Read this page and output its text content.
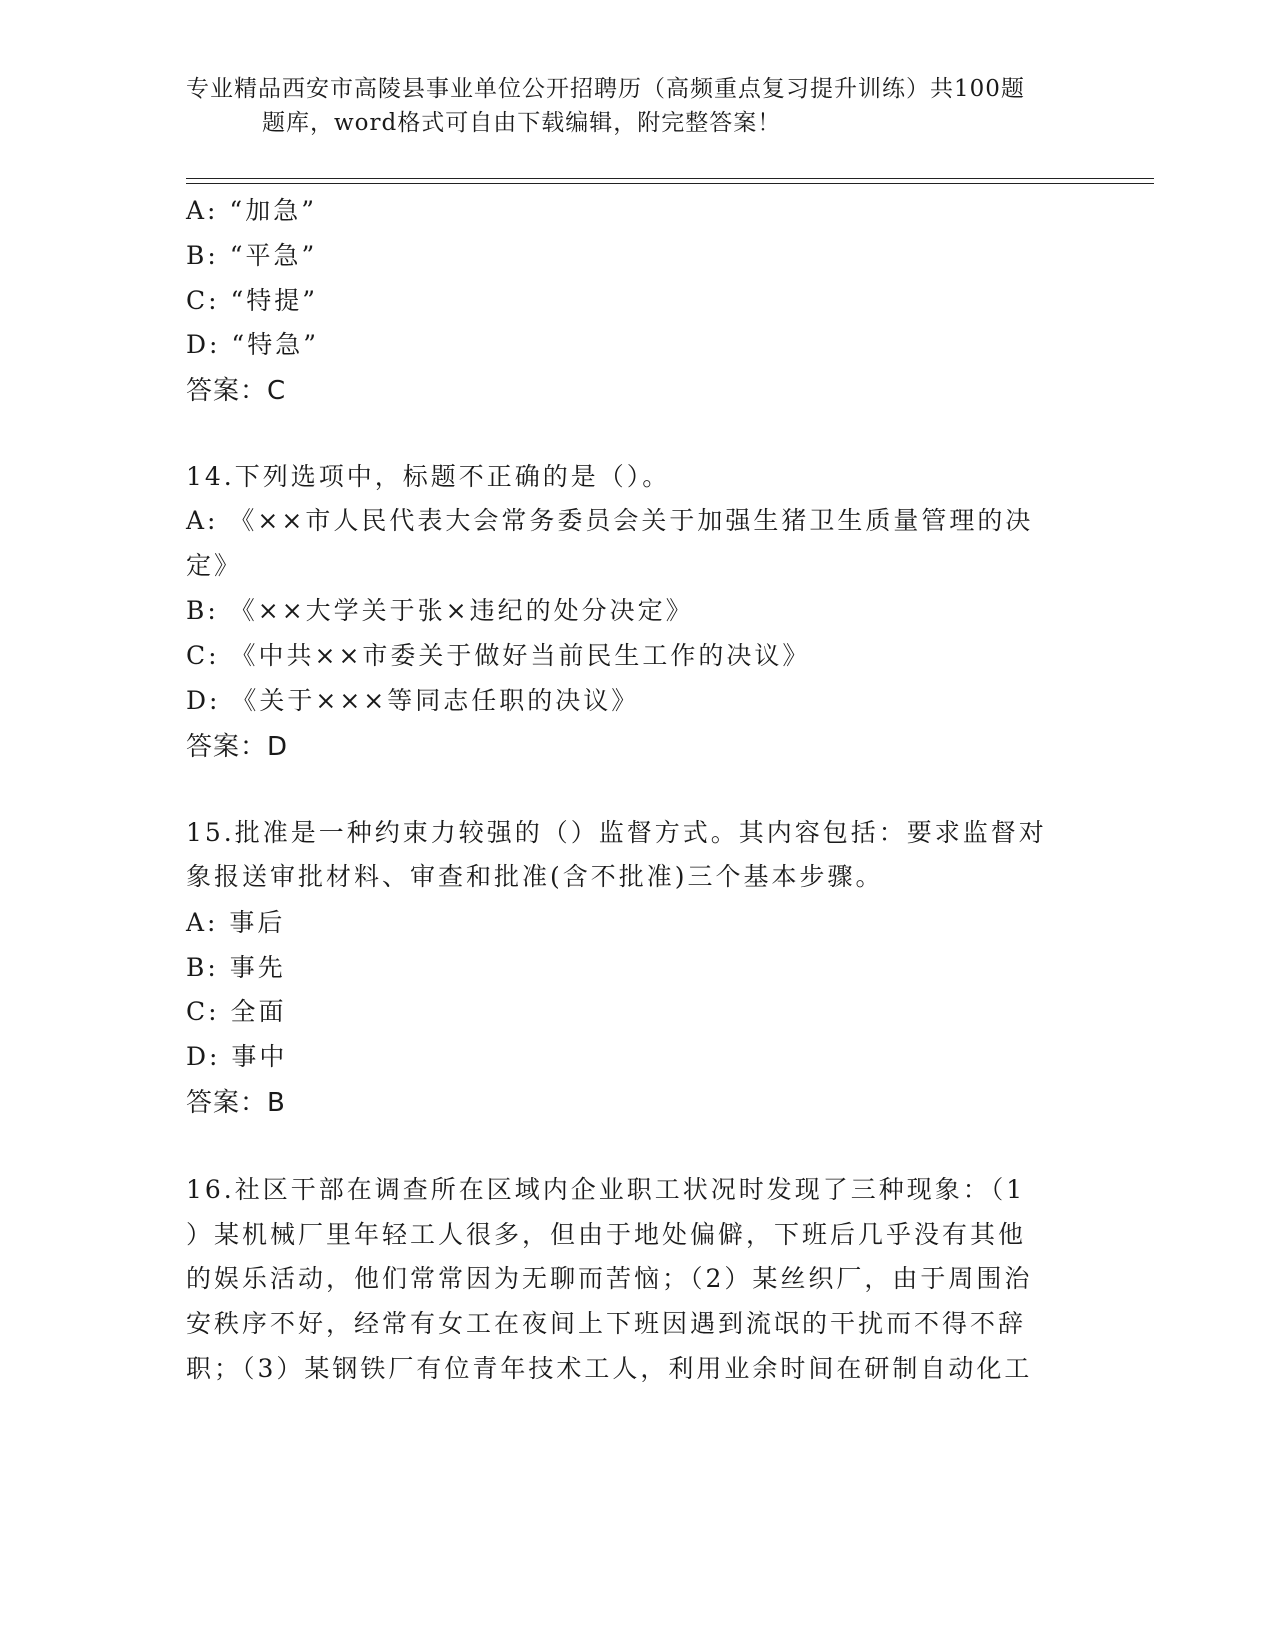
专业精品西安市高陵县事业单位公开招聘历（高频重点复习提升训练）共100题
题库，word格式可自由下载编辑，附完整答案！
A: “加急”
B: “平急”
C: “特提”
D: “特急”
答案：C
14.下列选项中，标题不正确的是（）。
A: 《××市人民代表大会常务委员会关于加强生猪卫生质量管理的决
定》
B: 《××大学关于张×违纪的处分决定》
C: 《中共××市委关于做好当前民生工作的决议》
D: 《关于×××等同志任职的决议》
答案：D
15.批准是一种约束力较强的（）监督方式。其内容包括：要求监督对
象报送审批材料、审查和批准(含不批准)三个基本步骤。
A: 事后
B: 事先
C: 全面
D: 事中
答案：B
16.社区干部在调查所在区域内企业职工状况时发现了三种现象：（1
）某机械厂里年轻工人很多，但由于地处偏僻，下班后几乎没有其他
的娱乐活动，他们常常因为无聊而苦恼；（2）某丝织厂，由于周围治
安秩序不好，经常有女工在夜间上下班因遇到流氓的干扰而不得不辞
职；（3）某钢铁厂有位青年技术工人，利用业余时间在研制自动化工
